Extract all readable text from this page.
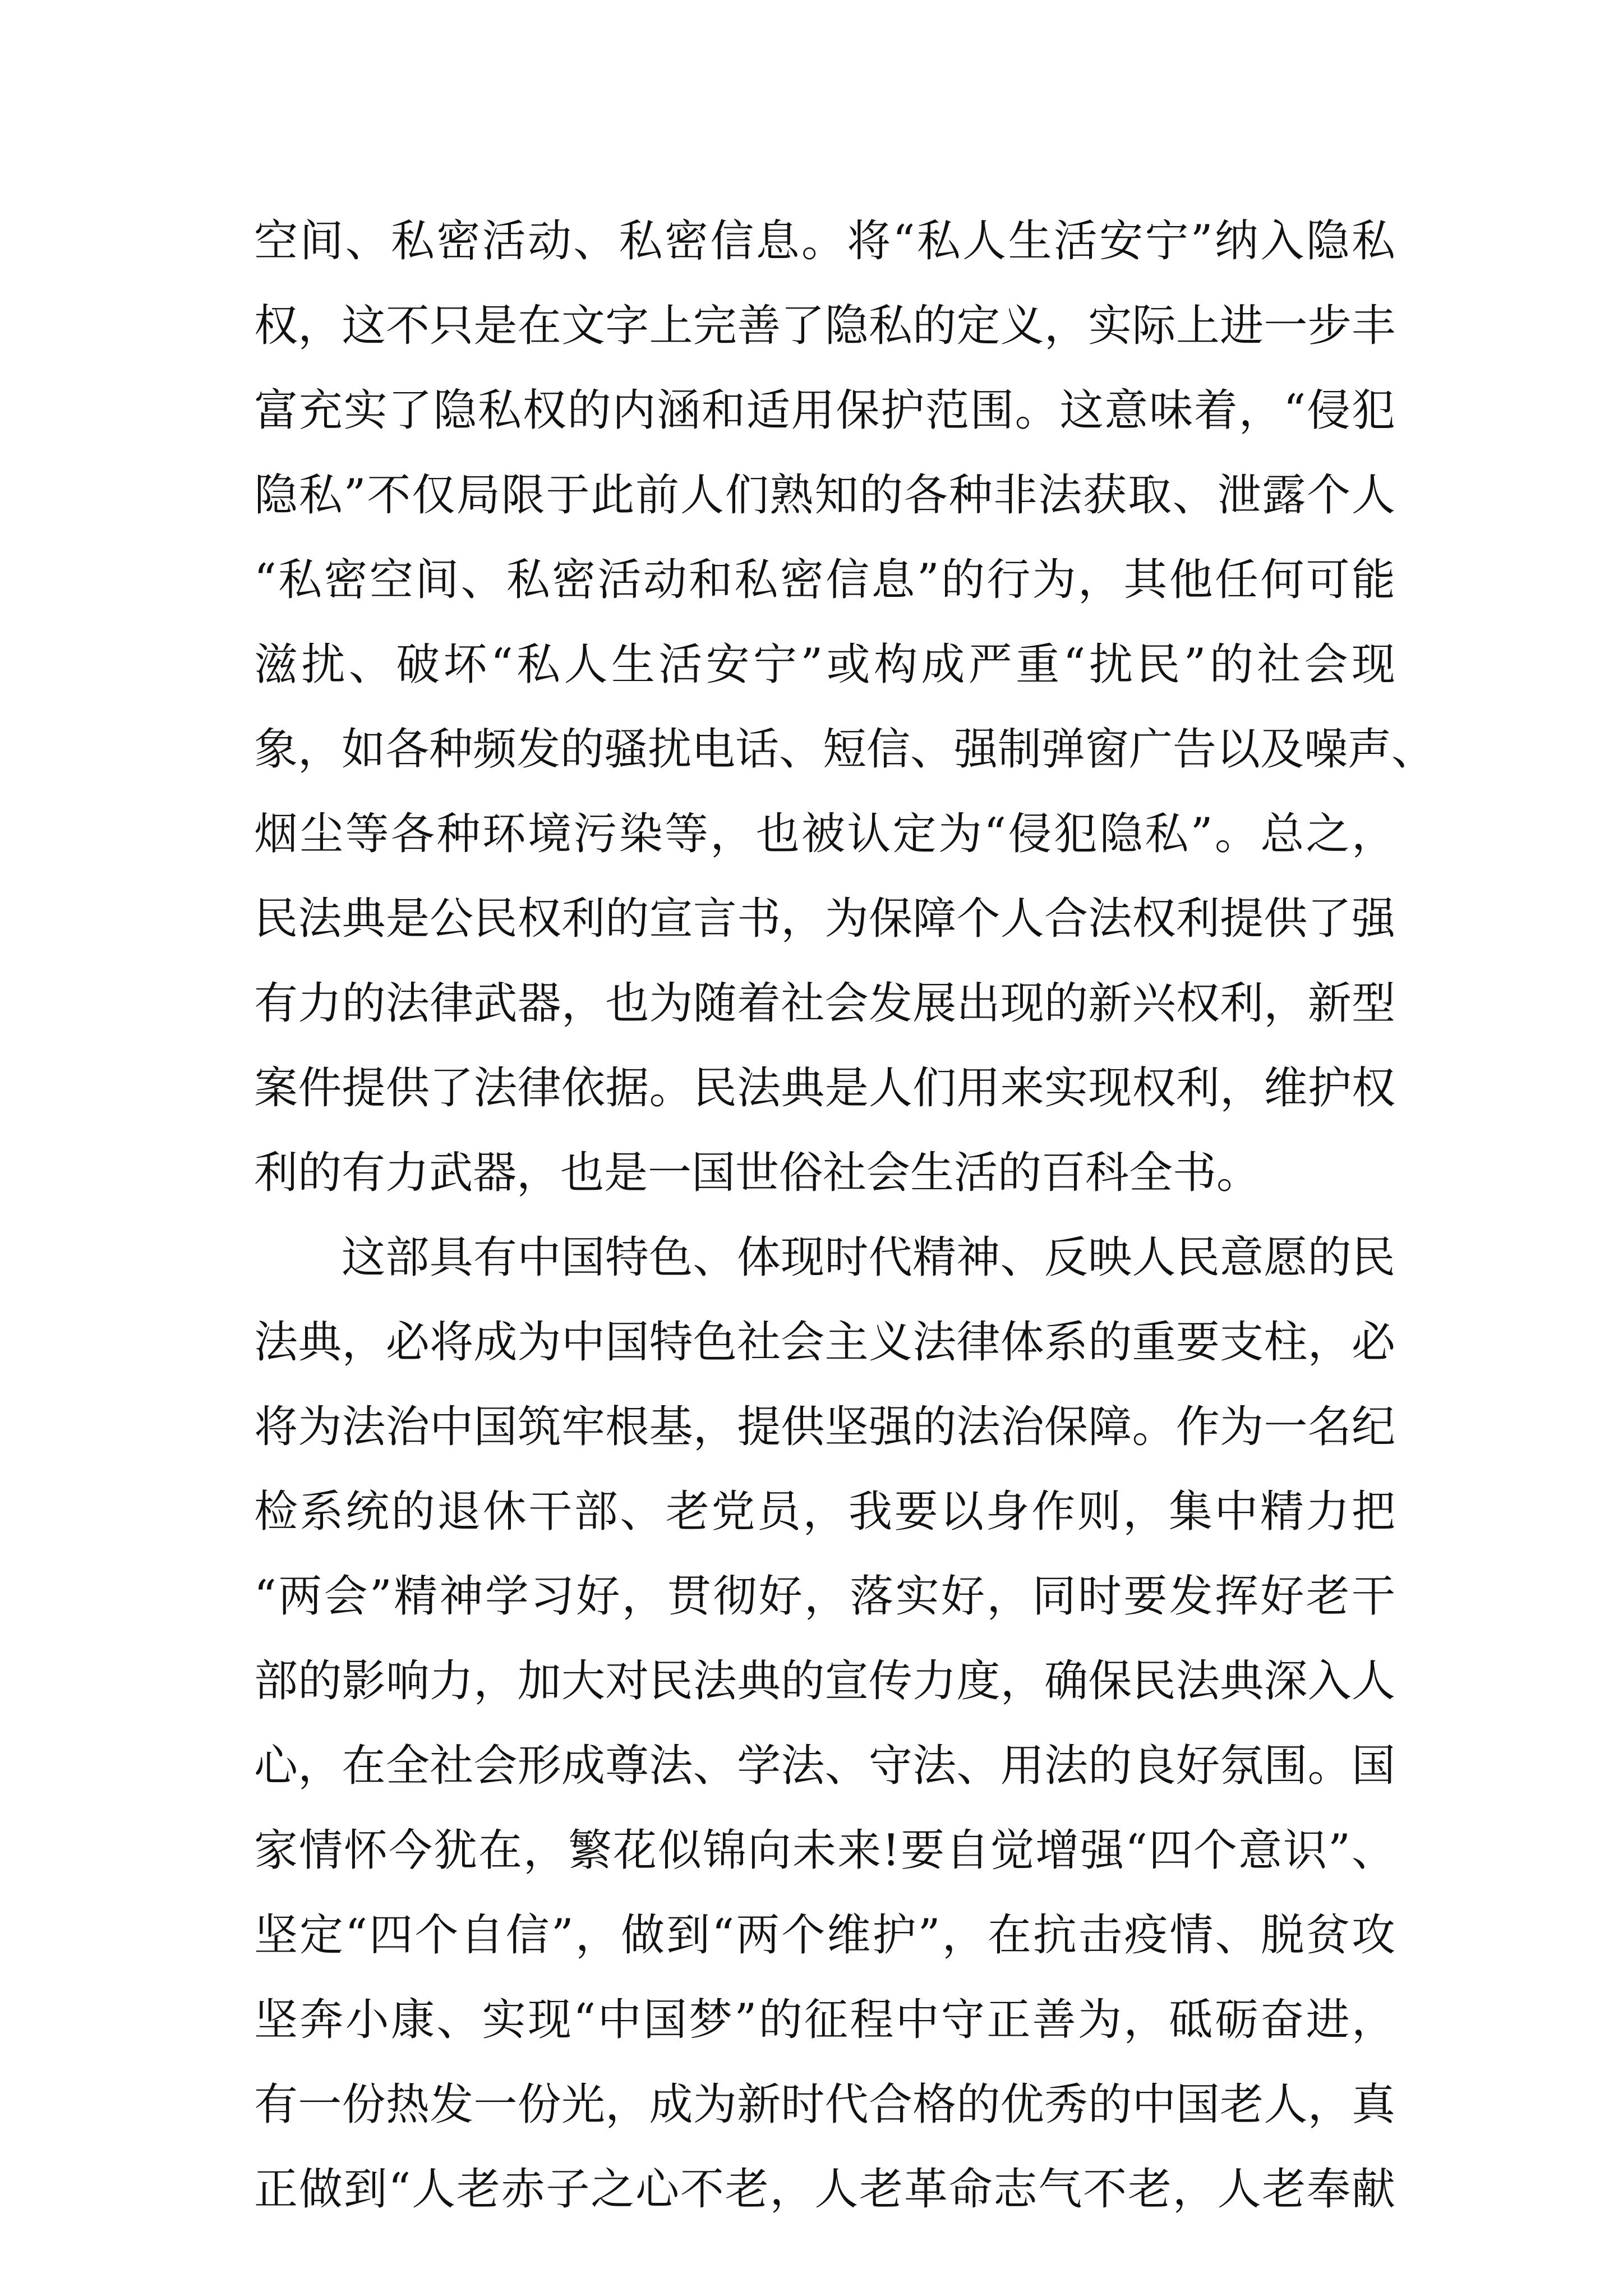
空间、私密活动、私密信息。将“私人生活安宁”纳入隐私
权，这不只是在文字上完善了隐私的定义，实际上进一步丰
富充实了隐私权的内涵和适用保护范围。这意味着，“侵犯
隐私”不仅局限于此前人们熟知的各种非法获取、泄露个人
“私密空间、私密活动和私密信息”的行为，其他任何可能
滋扰、破坏“私人生活安宁”或构成严重“扰民”的社会现
象，如各种频发的骚扰电话、短信、强制弹窗广告以及噪声、
烟尘等各种环境污染等，也被认定为“侵犯隐私”。总之，
民法典是公民权利的宣言书，为保障个人合法权利提供了强
有力的法律武器，也为随着社会发展出现的新兴权利，新型
案件提供了法律依据。民法典是人们用来实现权利，维护权
利的有力武器，也是一国世俗社会生活的百科全书。
这部具有中国特色、体现时代精神、反映人民意愿的民
法典，必将成为中国特色社会主义法律体系的重要支柱，必
将为法治中国筑牢根基，提供坚强的法治保障。作为一名纪
检系统的退休干部、老党员，我要以身作则，集中精力把
“两会”精神学习好，贯彻好，落实好，同时要发挥好老干
部的影响力，加大对民法典的宣传力度，确保民法典深入人
心，在全社会形成尊法、学法、守法、用法的良好氛围。国
家情怀今犹在，繁花似锦向未来!要自觉增强“四个意识”、
坚定“四个自信”，做到“两个维护”，在抗击疫情、脱贫攻
坚奔小康、实现“中国梦”的征程中守正善为，砥砺奋进，
有一份热发一份光，成为新时代合格的优秀的中国老人，真
正做到“人老赤子之心不老，人老革命志气不老，人老奉献
